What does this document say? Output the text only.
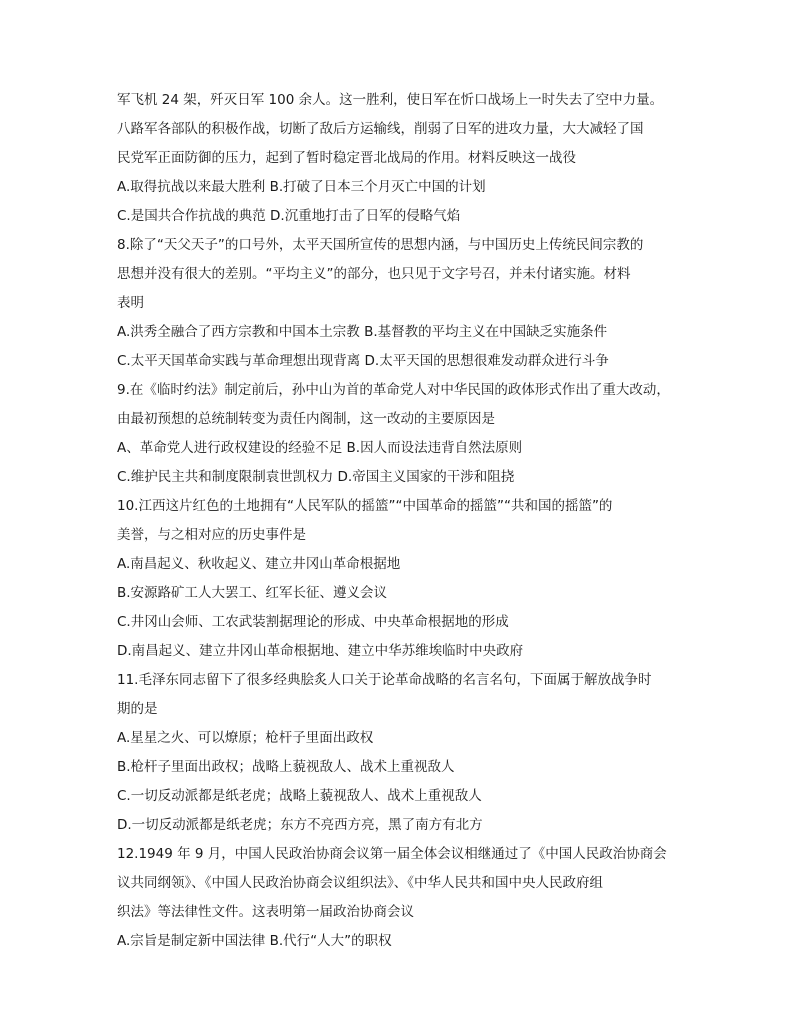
军飞机 24 架，歼灭日军 100 余人。这一胜利，使日军在忻口战场上一时失去了空中力量。
八路军各部队的积极作战，切断了敌后方运输线，削弱了日军的进攻力量，大大减轻了国
民党军正面防御的压力，起到了暂时稳定晋北战局的作用。材料反映这一战役
A.取得抗战以来最大胜利 B.打破了日本三个月灭亡中国的计划
C.是国共合作抗战的典范 D.沉重地打击了日军的侵略气焰
8.除了“天父天子”的口号外，太平天国所宣传的思想内涵，与中国历史上传统民间宗教的
思想并没有很大的差别。“平均主义”的部分，也只见于文字号召，并未付诸实施。材料
表明
A.洪秀全融合了西方宗教和中国本土宗教 B.基督教的平均主义在中国缺乏实施条件
C.太平天国革命实践与革命理想出现背离 D.太平天国的思想很难发动群众进行斗争
9.在《临时约法》制定前后，孙中山为首的革命党人对中华民国的政体形式作出了重大改动，
由最初预想的总统制转变为责任内阁制，这一改动的主要原因是
A、革命党人进行政权建设的经验不足 B.因人而设法违背自然法原则
C.维护民主共和制度限制袁世凯权力 D.帝国主义国家的干涉和阻挠
10.江西这片红色的土地拥有“人民军队的摇篮”“中国革命的摇篮”“共和国的摇篮”的
美誉，与之相对应的历史事件是
A.南昌起义、秋收起义、建立井冈山革命根据地
B.安源路矿工人大罢工、红军长征、遵义会议
C.井冈山会师、工农武装割据理论的形成、中央革命根据地的形成
D.南昌起义、建立井冈山革命根据地、建立中华苏维埃临时中央政府
11.毛泽东同志留下了很多经典脍炙人口关于论革命战略的名言名句，下面属于解放战争时
期的是
A.星星之火、可以燎原；枪杆子里面出政权
B.枪杆子里面出政权；战略上藐视敌人、战术上重视敌人
C.一切反动派都是纸老虎；战略上藐视敌人、战术上重视敌人
D.一切反动派都是纸老虎；东方不亮西方亮，黑了南方有北方
12.1949 年 9 月，中国人民政治协商会议第一届全体会议相继通过了《中国人民政治协商会
议共同纲领》、《中国人民政治协商会议组织法》、《中华人民共和国中央人民政府组
织法》等法律性文件。这表明第一届政治协商会议
A.宗旨是制定新中国法律 B.代行“人大”的职权
